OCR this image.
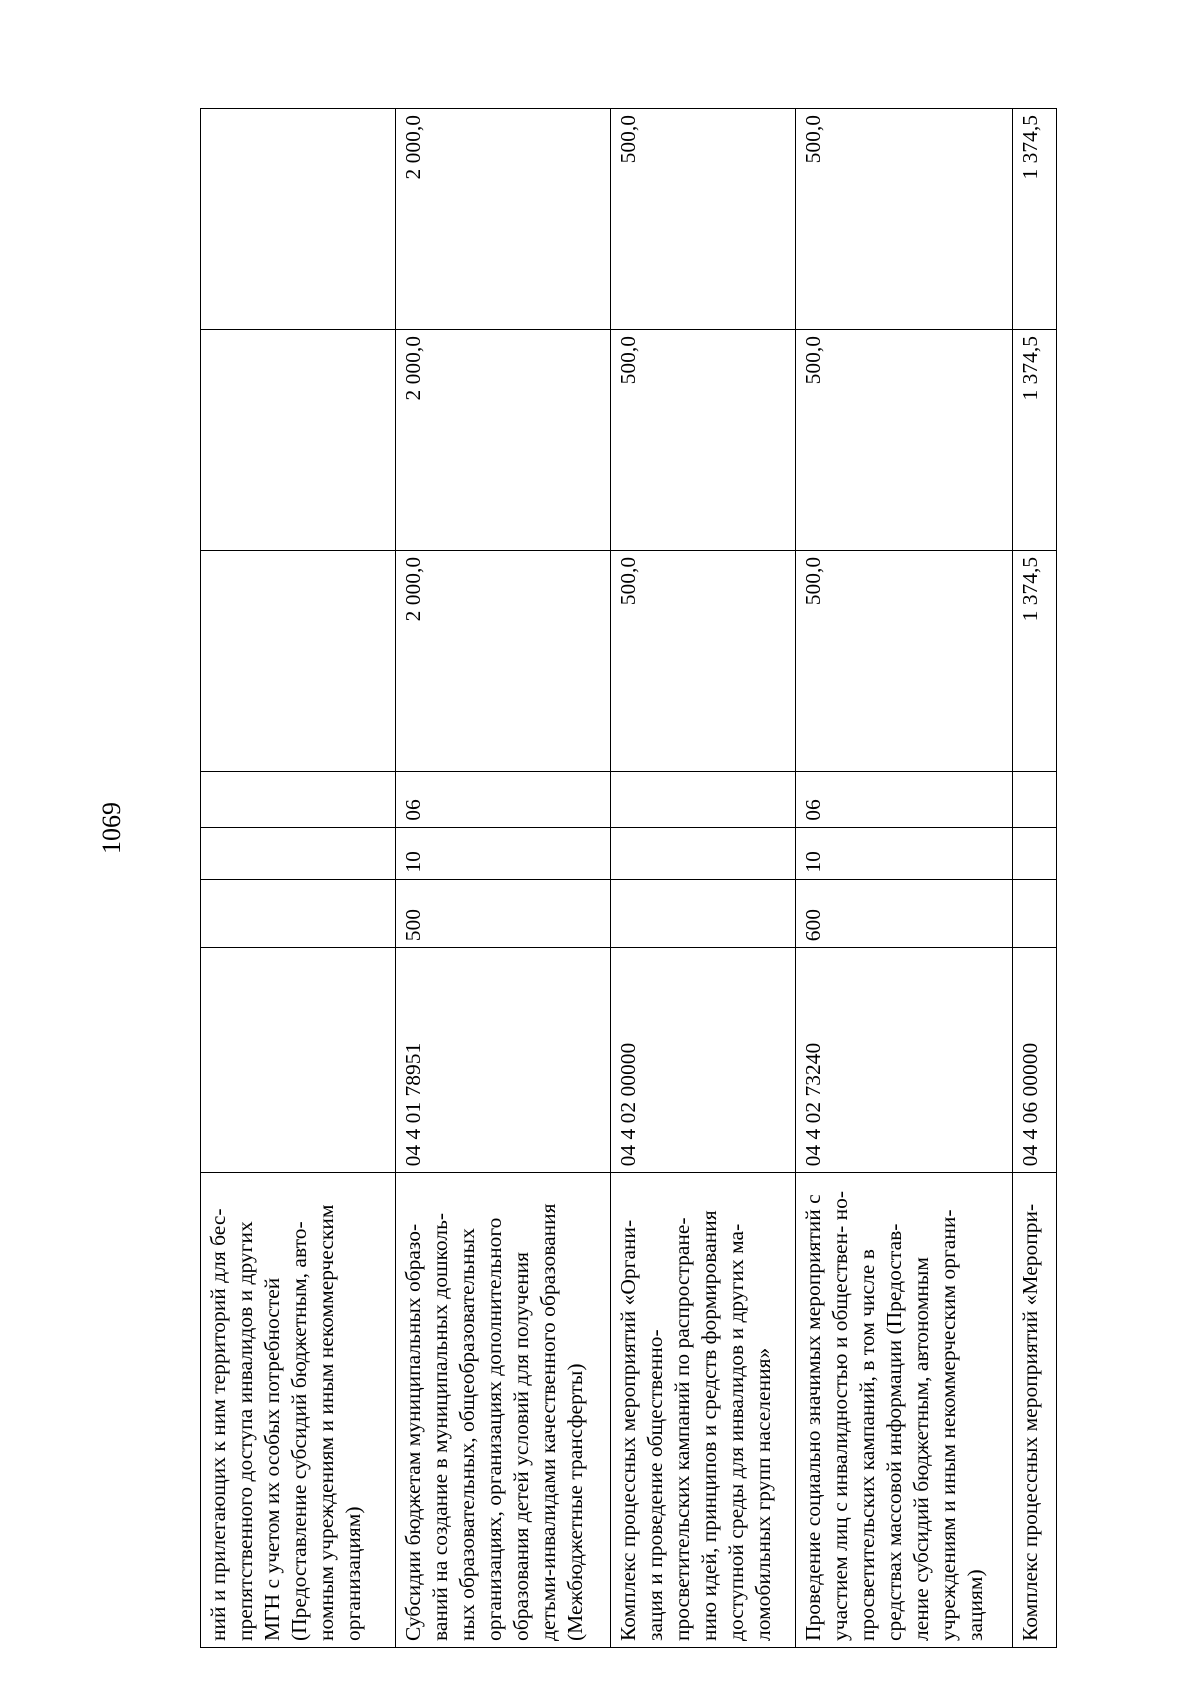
1069
ний и прилегающих к ним территорий для бес- препятственного доступа инвалидов и других МГН с учетом их особых потребностей (Предоставление субсидий бюджетным, авто- номным учреждениям и иным некоммерческим организациям)							
Субсидии бюджетам муниципальных образо- ваний на создание в муниципальных дошколь- ных образовательных, общеобразовательных организациях, организациях дополнительного образования детей условий для получения детьми-инвалидами качественного образования (Межбюджетные трансферты)	04 4 01 78951	500	10	06	2 000,0	2 000,0	2 000,0
Комплекс процессных мероприятий «Органи- зация и проведение общественно- просветительских кампаний по распростране- нию идей, принципов и средств формирования доступной среды для инвалидов и других ма- ломобильных групп населения»	04 4 02 00000				500,0	500,0	500,0
Проведение социально значимых мероприятий с участием лиц с инвалидностью и обществен- но-просветительских кампаний, в том числе в средствах массовой информации (Предостав- ление субсидий бюджетным, автономным учреждениям и иным некоммерческим органи- зациям)	04 4 02 73240	600	10	06	500,0	500,0	500,0
Комплекс процессных мероприятий «Меропри-	04 4 06 00000				1 374,5	1 374,5	1 374,5
